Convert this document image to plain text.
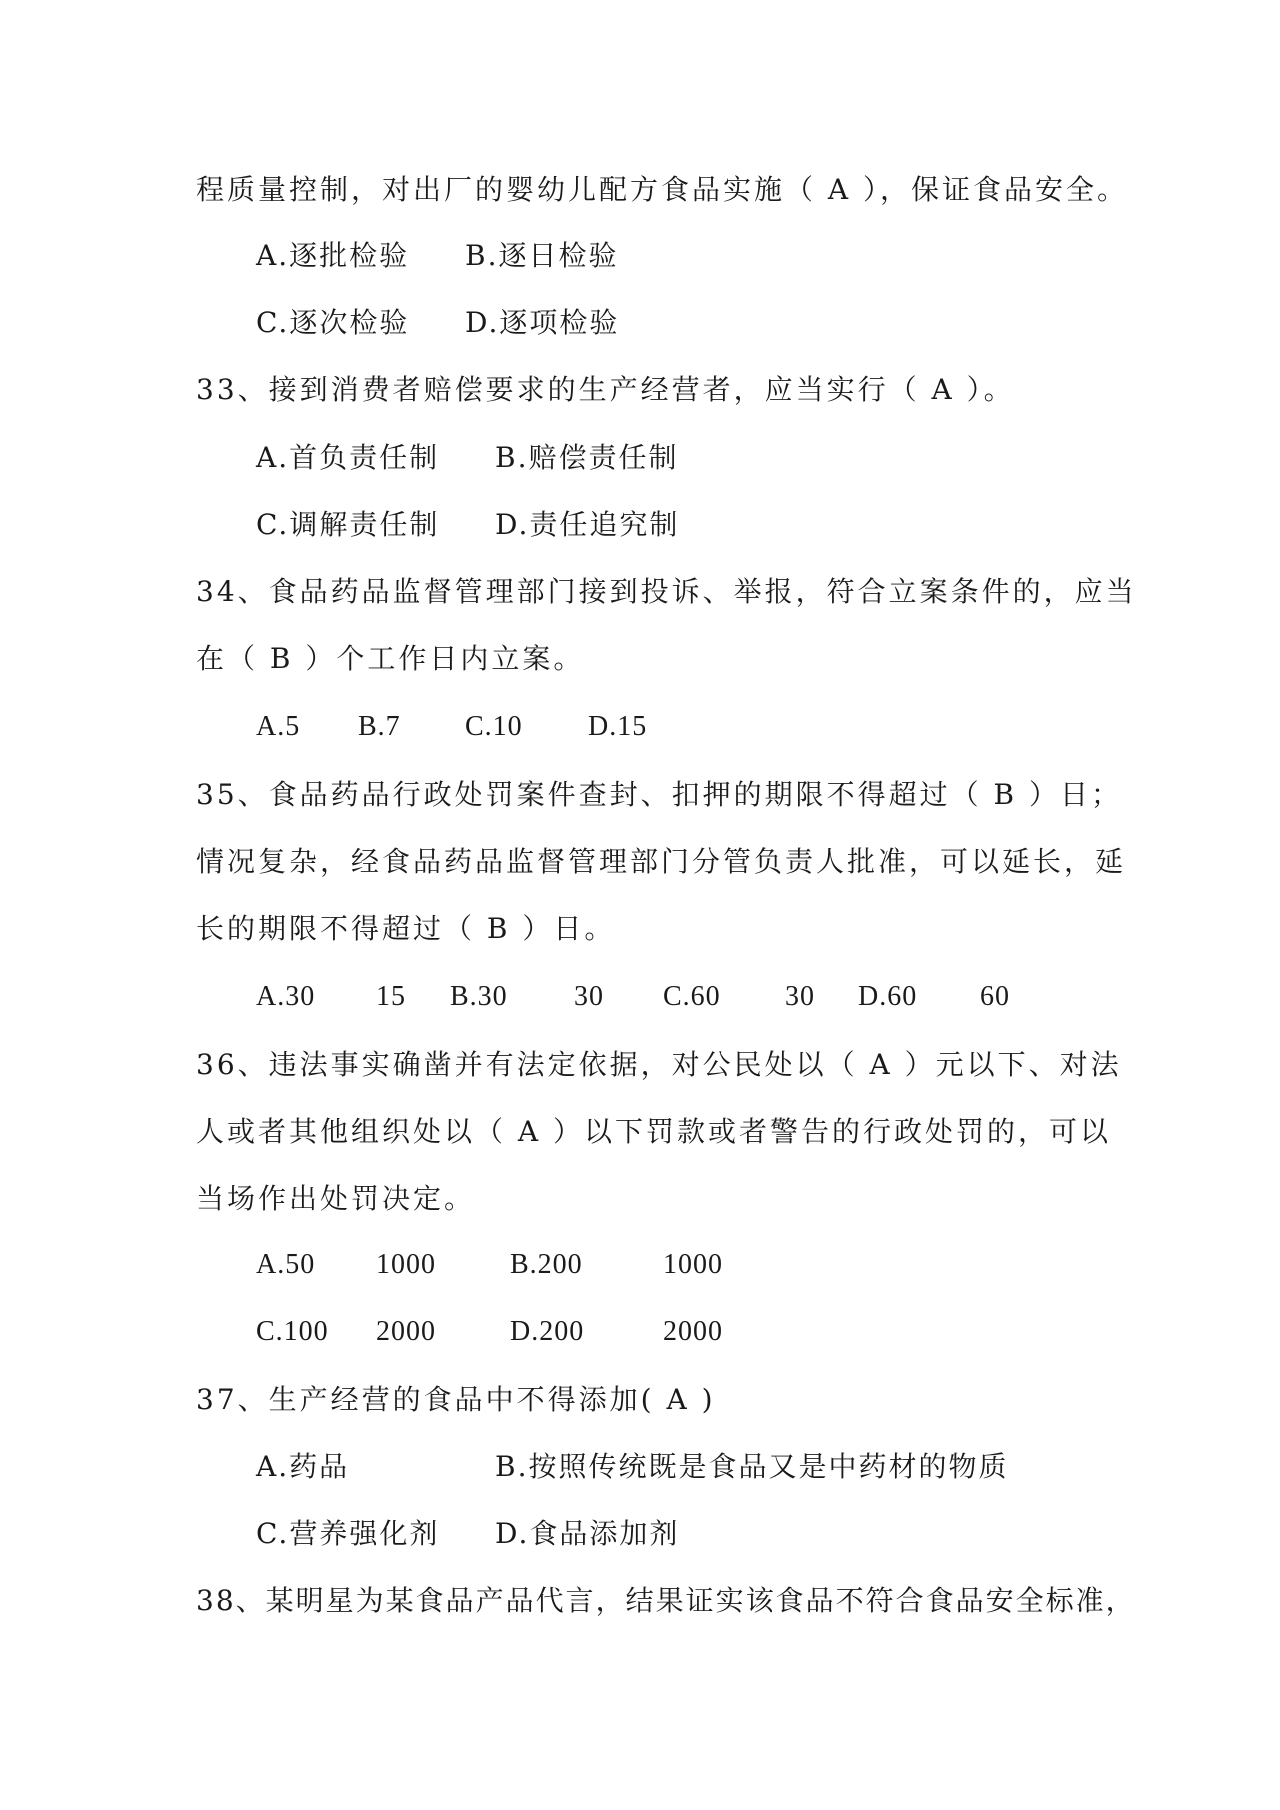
程质量控制，对出厂的婴幼儿配方食品实施（ A ），保证食品安全。
A.逐批检验 B.逐日检验
C.逐次检验 D.逐项检验
33、接到消费者赔偿要求的生产经营者，应当实行（ A ）。
A.首负责任制 B.赔偿责任制
C.调解责任制 D.责任追究制
34、食品药品监督管理部门接到投诉、举报，符合立案条件的，应当
在（ B ）个工作日内立案。
A.5 B.7 C.10 D.15
35、食品药品行政处罚案件查封、扣押的期限不得超过（ B ）日；
情况复杂，经食品药品监督管理部门分管负责人批准，可以延长，延
长的期限不得超过（ B ）日。
A.30 15 B.30 30 C.60 30 D.60 60
36、违法事实确凿并有法定依据，对公民处以（ A ）元以下、对法
人或者其他组织处以（ A ）以下罚款或者警告的行政处罚的，可以
当场作出处罚决定。
A.50 1000	B.200	1000
C.100 2000	D.200	2000
37、生产经营的食品中不得添加( A )
A.药品	B.按照传统既是食品又是中药材的物质
C.营养强化剂 D.食品添加剂
38、某明星为某食品产品代言，结果证实该食品不符合食品安全标准，
